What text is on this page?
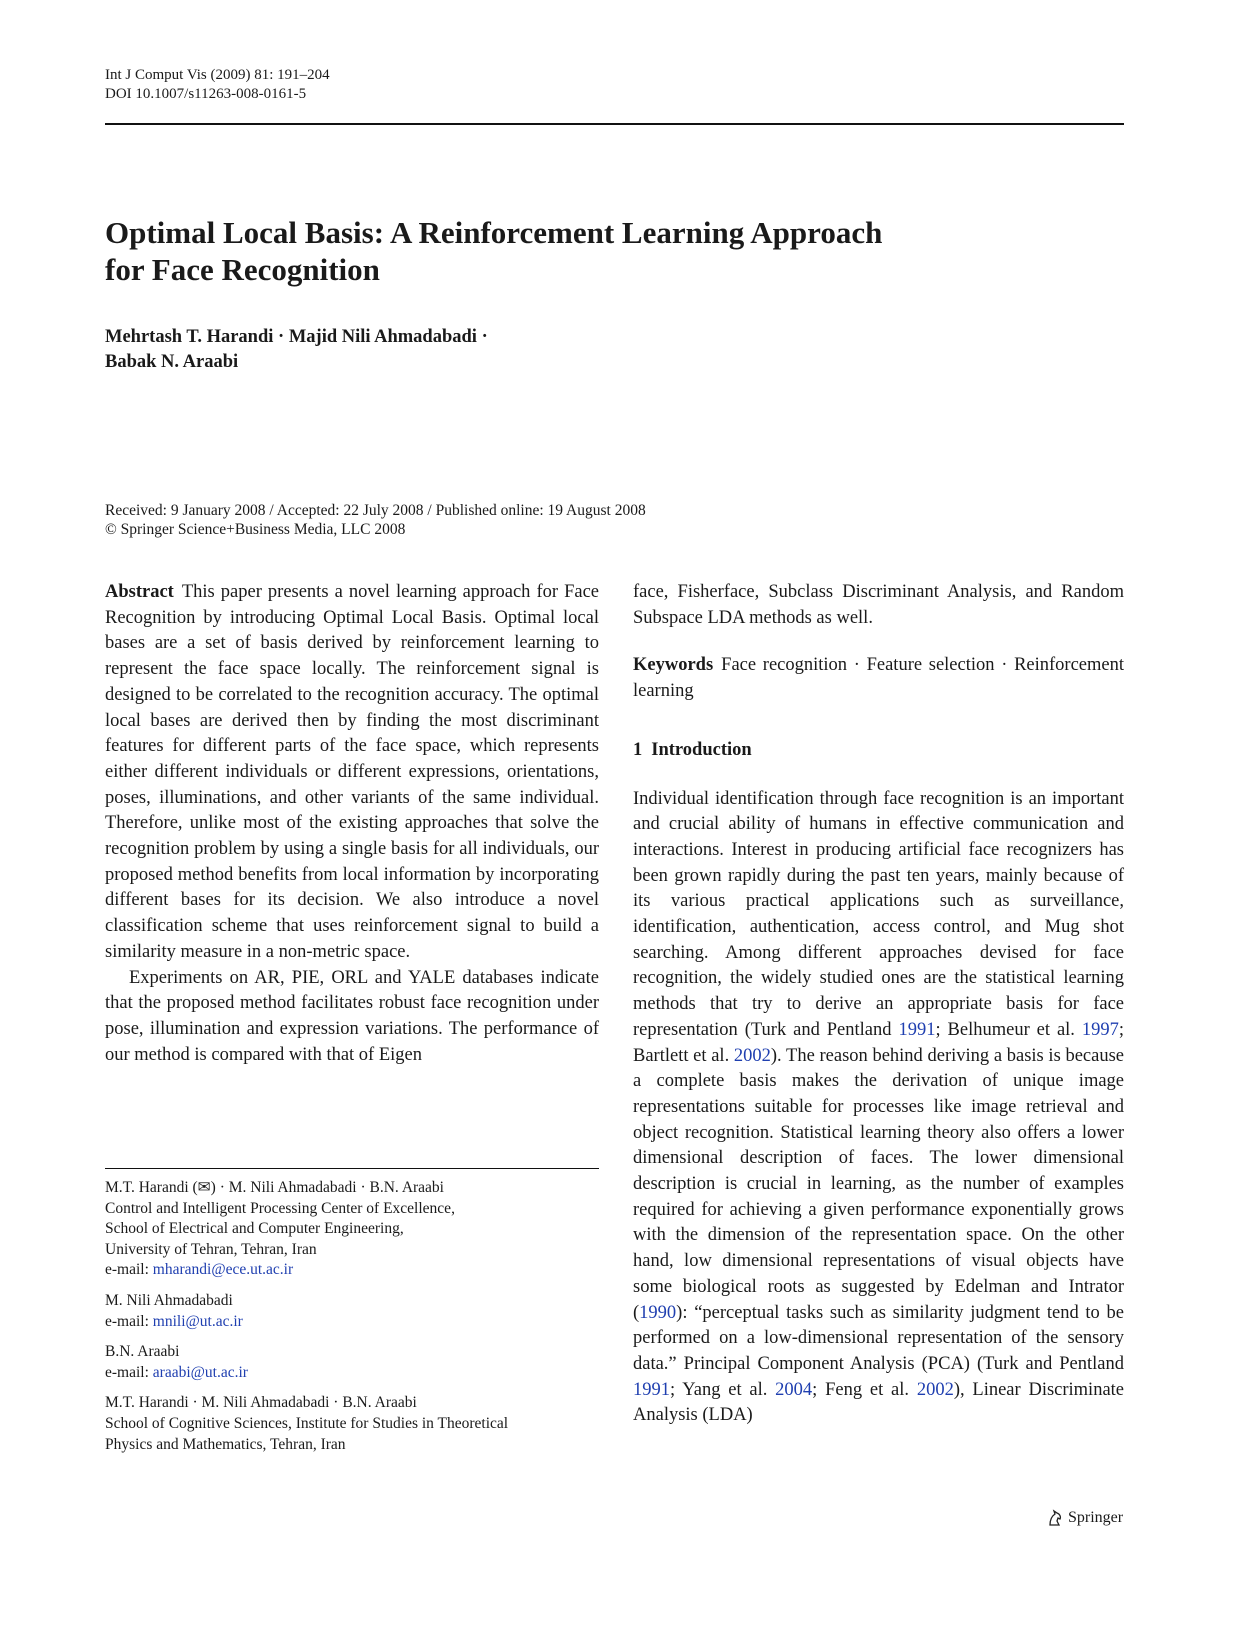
Int J Comput Vis (2009) 81: 191–204
DOI 10.1007/s11263-008-0161-5
Optimal Local Basis: A Reinforcement Learning Approach
for Face Recognition
Mehrtash T. Harandi · Majid Nili Ahmadabadi ·
Babak N. Araabi
Received: 9 January 2008 / Accepted: 22 July 2008 / Published online: 19 August 2008
© Springer Science+Business Media, LLC 2008

Abstract This paper presents a novel learning approach for Face Recognition by introducing Optimal Local Basis. Optimal local bases are a set of basis derived by reinforcement learning to represent the face space locally. The reinforcement signal is designed to be correlated to the recognition accuracy. The optimal local bases are derived then by finding the most discriminant features for different parts of the face space, which represents either different individuals or different expressions, orientations, poses, illuminations, and other variants of the same individual. Therefore, unlike most of the existing approaches that solve the recognition problem by using a single basis for all individuals, our proposed method benefits from local information by incorporating different bases for its decision. We also introduce a novel classification scheme that uses reinforcement signal to build a similarity measure in a non-metric space.

Experiments on AR, PIE, ORL and YALE databases indicate that the proposed method facilitates robust face recognition under pose, illumination and expression variations. The performance of our method is compared with that of Eigen

M.T. Harandi (✉) · M. Nili Ahmadabadi · B.N. Araabi
Control and Intelligent Processing Center of Excellence,
School of Electrical and Computer Engineering,
University of Tehran, Tehran, Iran
e-mail: mharandi@ece.ut.ac.ir

M. Nili Ahmadabadi
e-mail: mnili@ut.ac.ir

B.N. Araabi
e-mail: araabi@ut.ac.ir

M.T. Harandi · M. Nili Ahmadabadi · B.N. Araabi
School of Cognitive Sciences, Institute for Studies in Theoretical
Physics and Mathematics, Tehran, Iran

face, Fisherface, Subclass Discriminant Analysis, and Random Subspace LDA methods as well.

Keywords Face recognition · Feature selection · Reinforcement learning

1 Introduction

Individual identification through face recognition is an important and crucial ability of humans in effective communication and interactions. Interest in producing artificial face recognizers has been grown rapidly during the past ten years, mainly because of its various practical applications such as surveillance, identification, authentication, access control, and Mug shot searching. Among different approaches devised for face recognition, the widely studied ones are the statistical learning methods that try to derive an appropriate basis for face representation (Turk and Pentland 1991; Belhumeur et al. 1997; Bartlett et al. 2002). The reason behind deriving a basis is because a complete basis makes the derivation of unique image representations suitable for processes like image retrieval and object recognition. Statistical learning theory also offers a lower dimensional description of faces. The lower dimensional description is crucial in learning, as the number of examples required for achieving a given performance exponentially grows with the dimension of the representation space. On the other hand, low dimensional representations of visual objects have some biological roots as suggested by Edelman and Intrator (1990): “perceptual tasks such as similarity judgment tend to be performed on a low-dimensional representation of the sensory data.” Principal Component Analysis (PCA) (Turk and Pentland 1991; Yang et al. 2004; Feng et al. 2002), Linear Discriminate Analysis (LDA)

Springer
